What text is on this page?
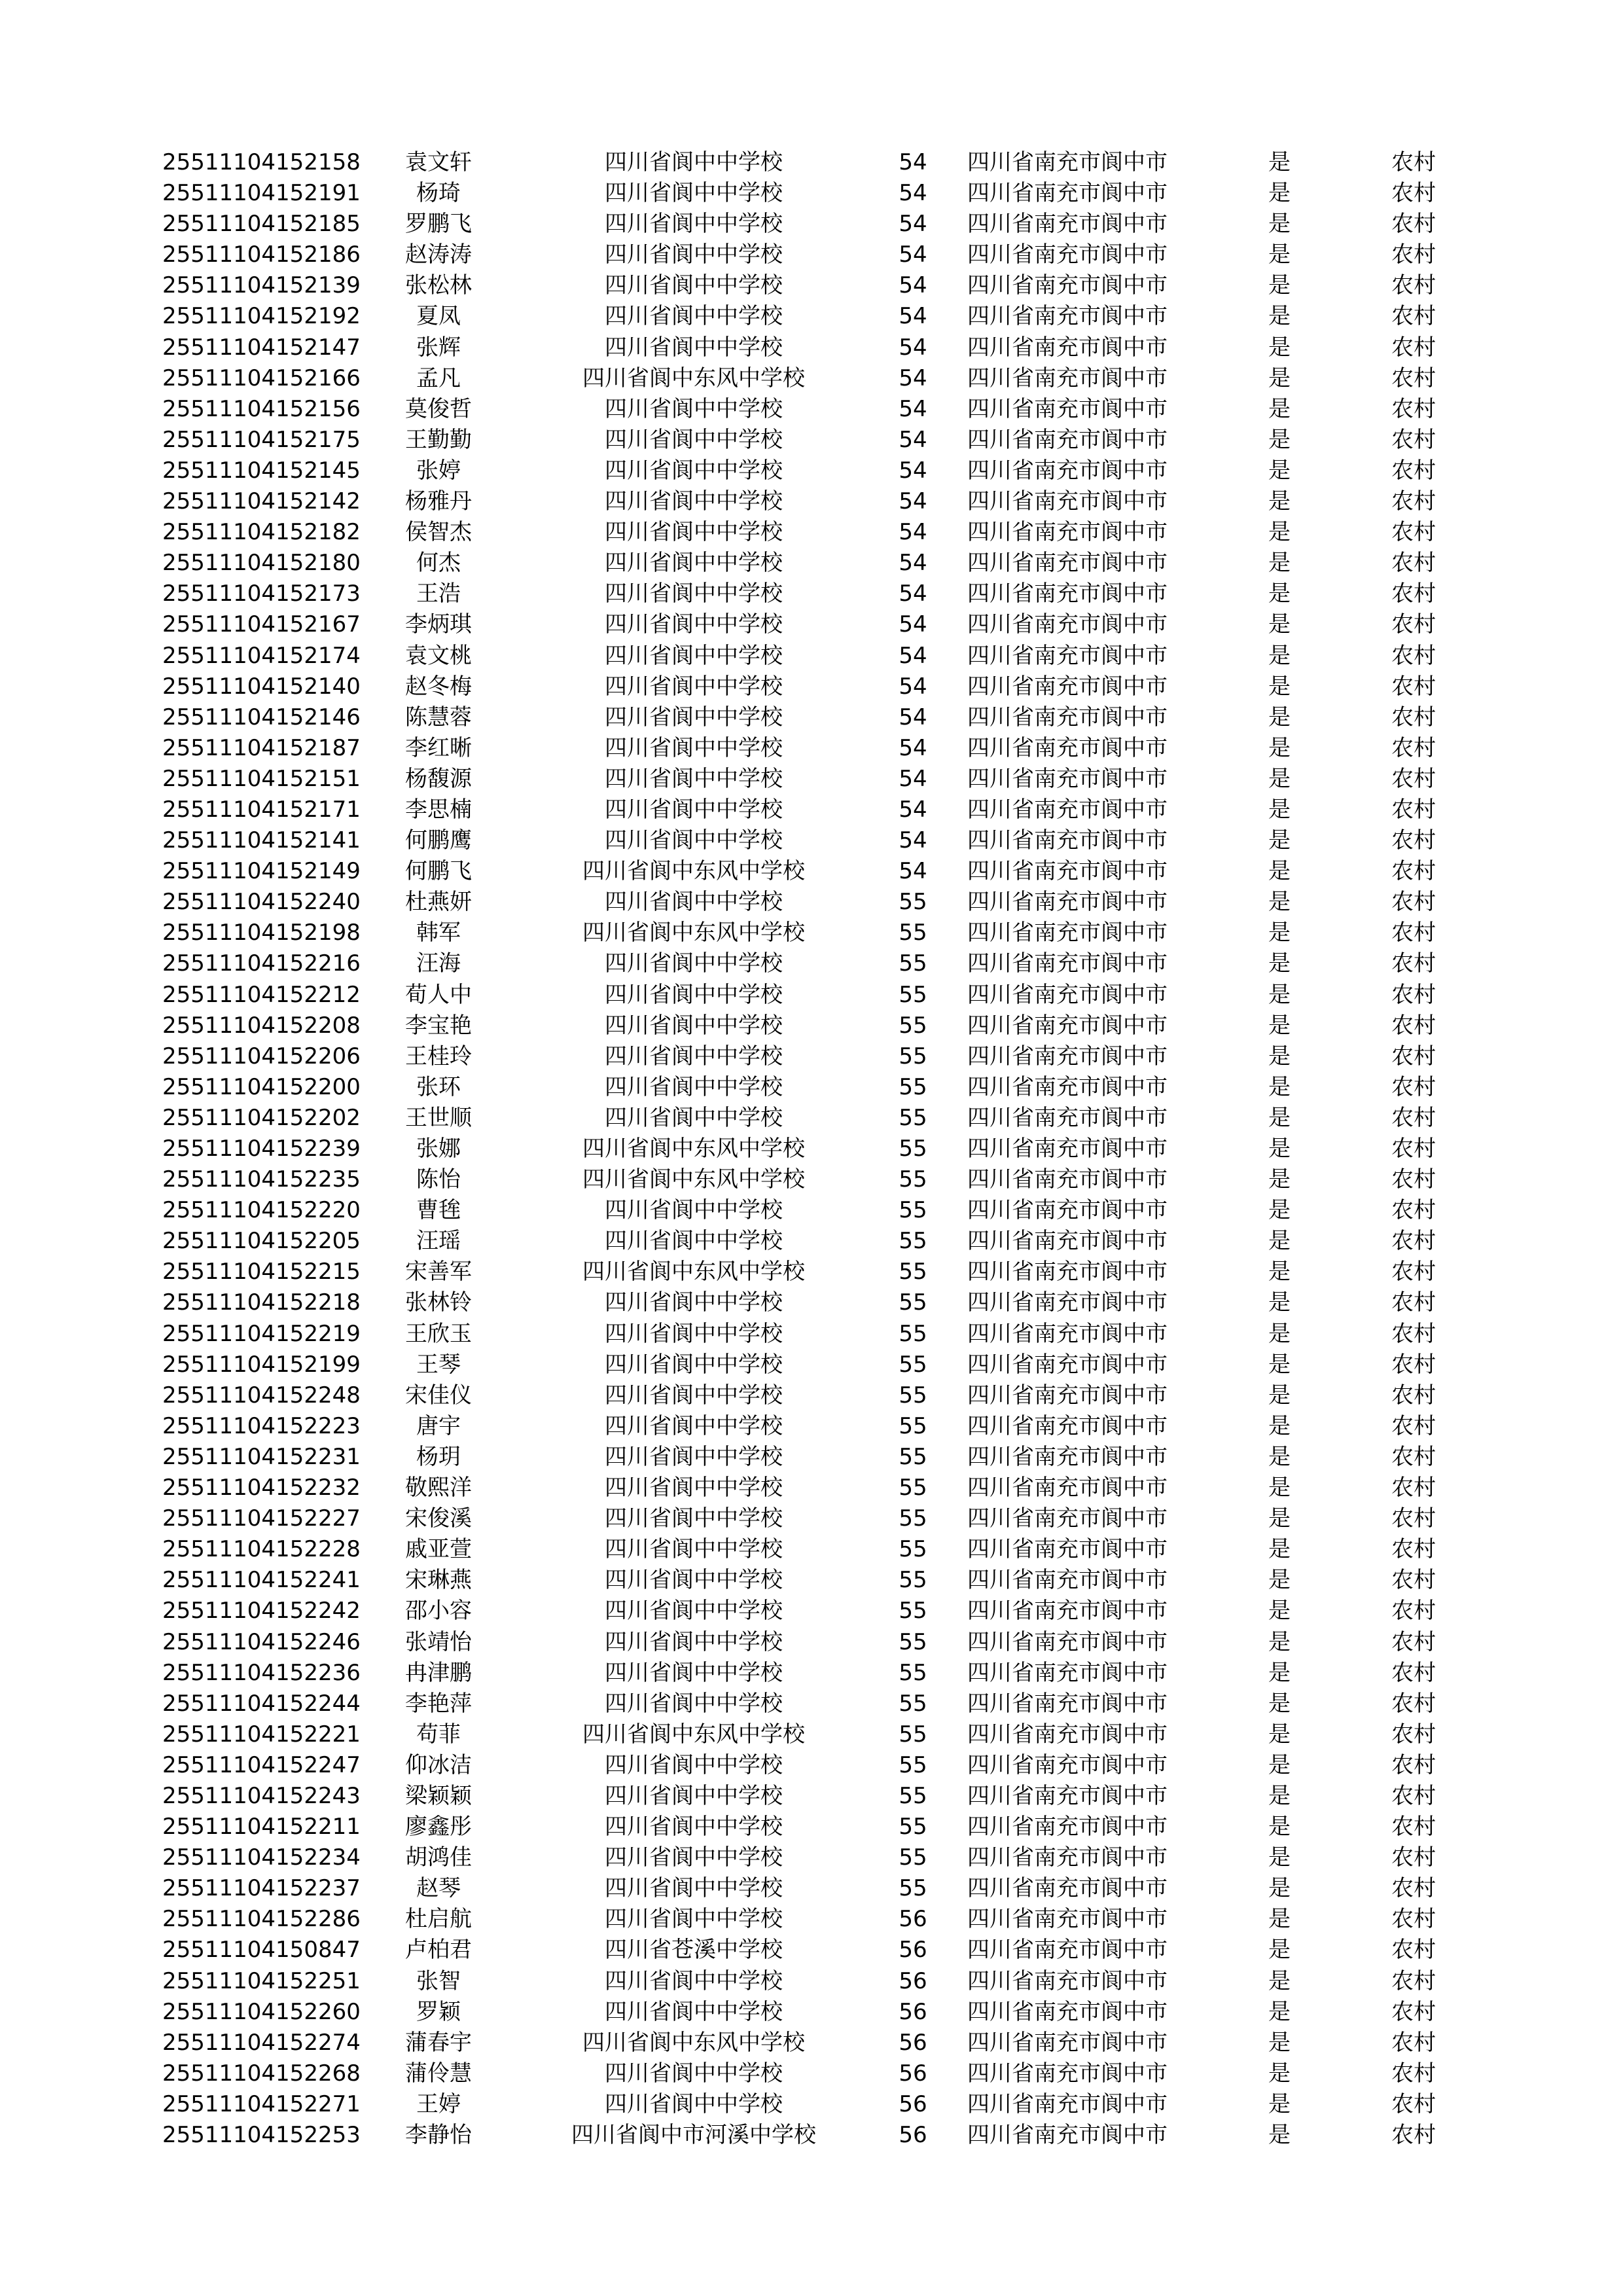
25511104152158	袁文轩	四川省阆中中学校	54	四川省南充市阆中市	是	农村
25511104152191	杨琦	四川省阆中中学校	54	四川省南充市阆中市	是	农村
25511104152185	罗鹏飞	四川省阆中中学校	54	四川省南充市阆中市	是	农村
25511104152186	赵涛涛	四川省阆中中学校	54	四川省南充市阆中市	是	农村
25511104152139	张松林	四川省阆中中学校	54	四川省南充市阆中市	是	农村
25511104152192	夏凤	四川省阆中中学校	54	四川省南充市阆中市	是	农村
25511104152147	张辉	四川省阆中中学校	54	四川省南充市阆中市	是	农村
25511104152166	孟凡	四川省阆中东风中学校	54	四川省南充市阆中市	是	农村
25511104152156	莫俊哲	四川省阆中中学校	54	四川省南充市阆中市	是	农村
25511104152175	王勤勤	四川省阆中中学校	54	四川省南充市阆中市	是	农村
25511104152145	张婷	四川省阆中中学校	54	四川省南充市阆中市	是	农村
25511104152142	杨雅丹	四川省阆中中学校	54	四川省南充市阆中市	是	农村
25511104152182	侯智杰	四川省阆中中学校	54	四川省南充市阆中市	是	农村
25511104152180	何杰	四川省阆中中学校	54	四川省南充市阆中市	是	农村
25511104152173	王浩	四川省阆中中学校	54	四川省南充市阆中市	是	农村
25511104152167	李炳琪	四川省阆中中学校	54	四川省南充市阆中市	是	农村
25511104152174	袁文桃	四川省阆中中学校	54	四川省南充市阆中市	是	农村
25511104152140	赵冬梅	四川省阆中中学校	54	四川省南充市阆中市	是	农村
25511104152146	陈慧蓉	四川省阆中中学校	54	四川省南充市阆中市	是	农村
25511104152187	李红晰	四川省阆中中学校	54	四川省南充市阆中市	是	农村
25511104152151	杨馥源	四川省阆中中学校	54	四川省南充市阆中市	是	农村
25511104152171	李思楠	四川省阆中中学校	54	四川省南充市阆中市	是	农村
25511104152141	何鹏鹰	四川省阆中中学校	54	四川省南充市阆中市	是	农村
25511104152149	何鹏飞	四川省阆中东风中学校	54	四川省南充市阆中市	是	农村
25511104152240	杜燕妍	四川省阆中中学校	55	四川省南充市阆中市	是	农村
25511104152198	韩军	四川省阆中东风中学校	55	四川省南充市阆中市	是	农村
25511104152216	汪海	四川省阆中中学校	55	四川省南充市阆中市	是	农村
25511104152212	荀人中	四川省阆中中学校	55	四川省南充市阆中市	是	农村
25511104152208	李宝艳	四川省阆中中学校	55	四川省南充市阆中市	是	农村
25511104152206	王桂玲	四川省阆中中学校	55	四川省南充市阆中市	是	农村
25511104152200	张环	四川省阆中中学校	55	四川省南充市阆中市	是	农村
25511104152202	王世顺	四川省阆中中学校	55	四川省南充市阆中市	是	农村
25511104152239	张娜	四川省阆中东风中学校	55	四川省南充市阆中市	是	农村
25511104152235	陈怡	四川省阆中东风中学校	55	四川省南充市阆中市	是	农村
25511104152220	曹毪	四川省阆中中学校	55	四川省南充市阆中市	是	农村
25511104152205	汪瑶	四川省阆中中学校	55	四川省南充市阆中市	是	农村
25511104152215	宋善军	四川省阆中东风中学校	55	四川省南充市阆中市	是	农村
25511104152218	张林铃	四川省阆中中学校	55	四川省南充市阆中市	是	农村
25511104152219	王欣玉	四川省阆中中学校	55	四川省南充市阆中市	是	农村
25511104152199	王琴	四川省阆中中学校	55	四川省南充市阆中市	是	农村
25511104152248	宋佳仪	四川省阆中中学校	55	四川省南充市阆中市	是	农村
25511104152223	唐宇	四川省阆中中学校	55	四川省南充市阆中市	是	农村
25511104152231	杨玥	四川省阆中中学校	55	四川省南充市阆中市	是	农村
25511104152232	敬熙洋	四川省阆中中学校	55	四川省南充市阆中市	是	农村
25511104152227	宋俊溪	四川省阆中中学校	55	四川省南充市阆中市	是	农村
25511104152228	戚亚萱	四川省阆中中学校	55	四川省南充市阆中市	是	农村
25511104152241	宋琳燕	四川省阆中中学校	55	四川省南充市阆中市	是	农村
25511104152242	邵小容	四川省阆中中学校	55	四川省南充市阆中市	是	农村
25511104152246	张靖怡	四川省阆中中学校	55	四川省南充市阆中市	是	农村
25511104152236	冉津鹏	四川省阆中中学校	55	四川省南充市阆中市	是	农村
25511104152244	李艳萍	四川省阆中中学校	55	四川省南充市阆中市	是	农村
25511104152221	苟菲	四川省阆中东风中学校	55	四川省南充市阆中市	是	农村
25511104152247	仰冰洁	四川省阆中中学校	55	四川省南充市阆中市	是	农村
25511104152243	梁颖颖	四川省阆中中学校	55	四川省南充市阆中市	是	农村
25511104152211	廖鑫彤	四川省阆中中学校	55	四川省南充市阆中市	是	农村
25511104152234	胡鸿佳	四川省阆中中学校	55	四川省南充市阆中市	是	农村
25511104152237	赵琴	四川省阆中中学校	55	四川省南充市阆中市	是	农村
25511104152286	杜启航	四川省阆中中学校	56	四川省南充市阆中市	是	农村
25511104150847	卢柏君	四川省苍溪中学校	56	四川省南充市阆中市	是	农村
25511104152251	张智	四川省阆中中学校	56	四川省南充市阆中市	是	农村
25511104152260	罗颖	四川省阆中中学校	56	四川省南充市阆中市	是	农村
25511104152274	蒲春宇	四川省阆中东风中学校	56	四川省南充市阆中市	是	农村
25511104152268	蒲伶慧	四川省阆中中学校	56	四川省南充市阆中市	是	农村
25511104152271	王婷	四川省阆中中学校	56	四川省南充市阆中市	是	农村
25511104152253	李静怡	四川省阆中市河溪中学校	56	四川省南充市阆中市	是	农村
